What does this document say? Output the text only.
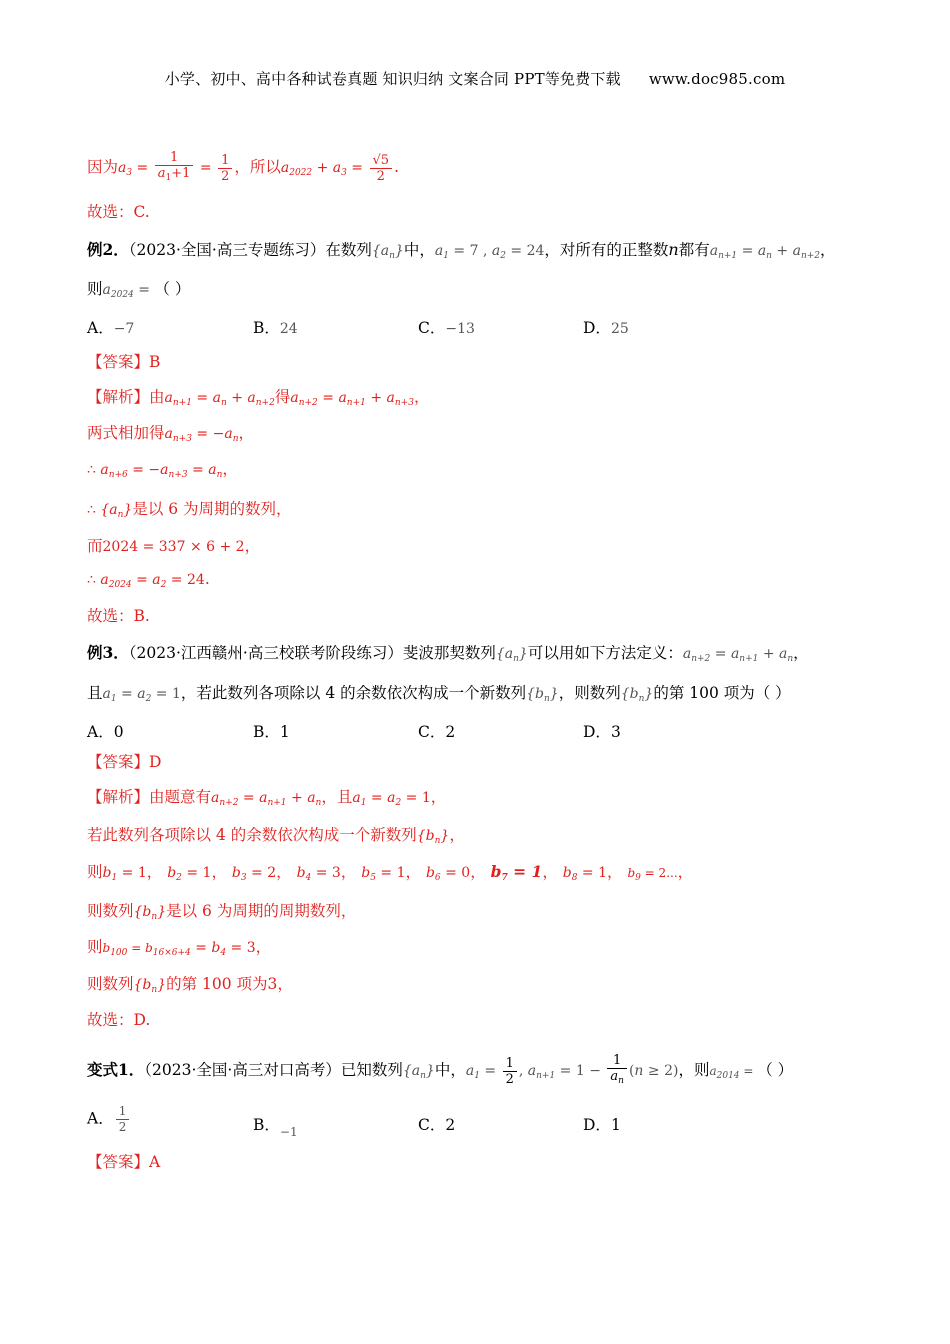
小学、初中、高中各种试卷真题 知识归纳 文案合同 PPT等免费下载 www.doc985.com
因为$a_3 = \frac{1}{a_1+1} = \frac{1}{2}$ ，所以$a_{2022} + a_3 = \frac{√5}{2}$ .
故选：C.
例2．（2023·全国·高三专题练习）在数列$\{a_n\}$中，$a_1 = 7$ , $a_2 = 24$，对所有的正整数n都有$a_{n+1} = a_n + a_{n+2}$，
则$a_{2024}$ = （ ）
A．−7	B．24	C．−13	D．25
【答案】B
【解析】由$a_{n+1} = a_n + a_{n+2}$得$a_{n+2} = a_{n+1} + a_{n+3}$，
两式相加得$a_{n+3} = -a_n$，
∴ $a_{n+6} = -a_{n+3} = a_n$，
∴ $\{a_n\}$是以 6 为周期的数列，
而2024 = 337 × 6 + 2，
∴ $a_{2024} = a_2 = 24$.
故选：B.
例3．（2023·江西赣州·高三校联考阶段练习）斐波那契数列$\{a_n\}$可以用如下方法定义：$a_{n+2} = a_{n+1} + a_n$，
且$a_1 = a_2 = 1$，若此数列各项除以 4 的余数依次构成一个新数列$\{b_n\}$，则数列$\{b_n\}$的第 100 项为（ ）
A．0	B．1	C．2	D．3
【答案】D
【解析】由题意有$a_{n+2} = a_{n+1} + a_n$，且$a_1 = a_2 = 1$，
若此数列各项除以 4 的余数依次构成一个新数列$\{b_n\}$，
则$b_1 = 1$， $b_2 = 1$， $b_3 = 2$， $b_4 = 3$， $b_5 = 1$， $b_6 = 0$， $b_7 = 1$， $b_8 = 1$， $b_9 = 2$...，
则数列$\{b_n\}$是以 6 为周期的周期数列，
则$b_{100} = b_{16\times 6+4} = b_4 = 3$，
则数列$\{b_n\}$的第 100 项为3，
故选：D.
变式1．（2023·全国·高三对口高考）已知数列$\{a_n\}$中，$a_1 = \frac{1}{2}$ , $a_{n+1} = 1 - \frac{1}{a_n} (n \ge 2)$，则$a_{2014}$ = （ ）
A． $\frac{1}{2}$	B．$_{-1}$	C．2	D．1
【答案】A
